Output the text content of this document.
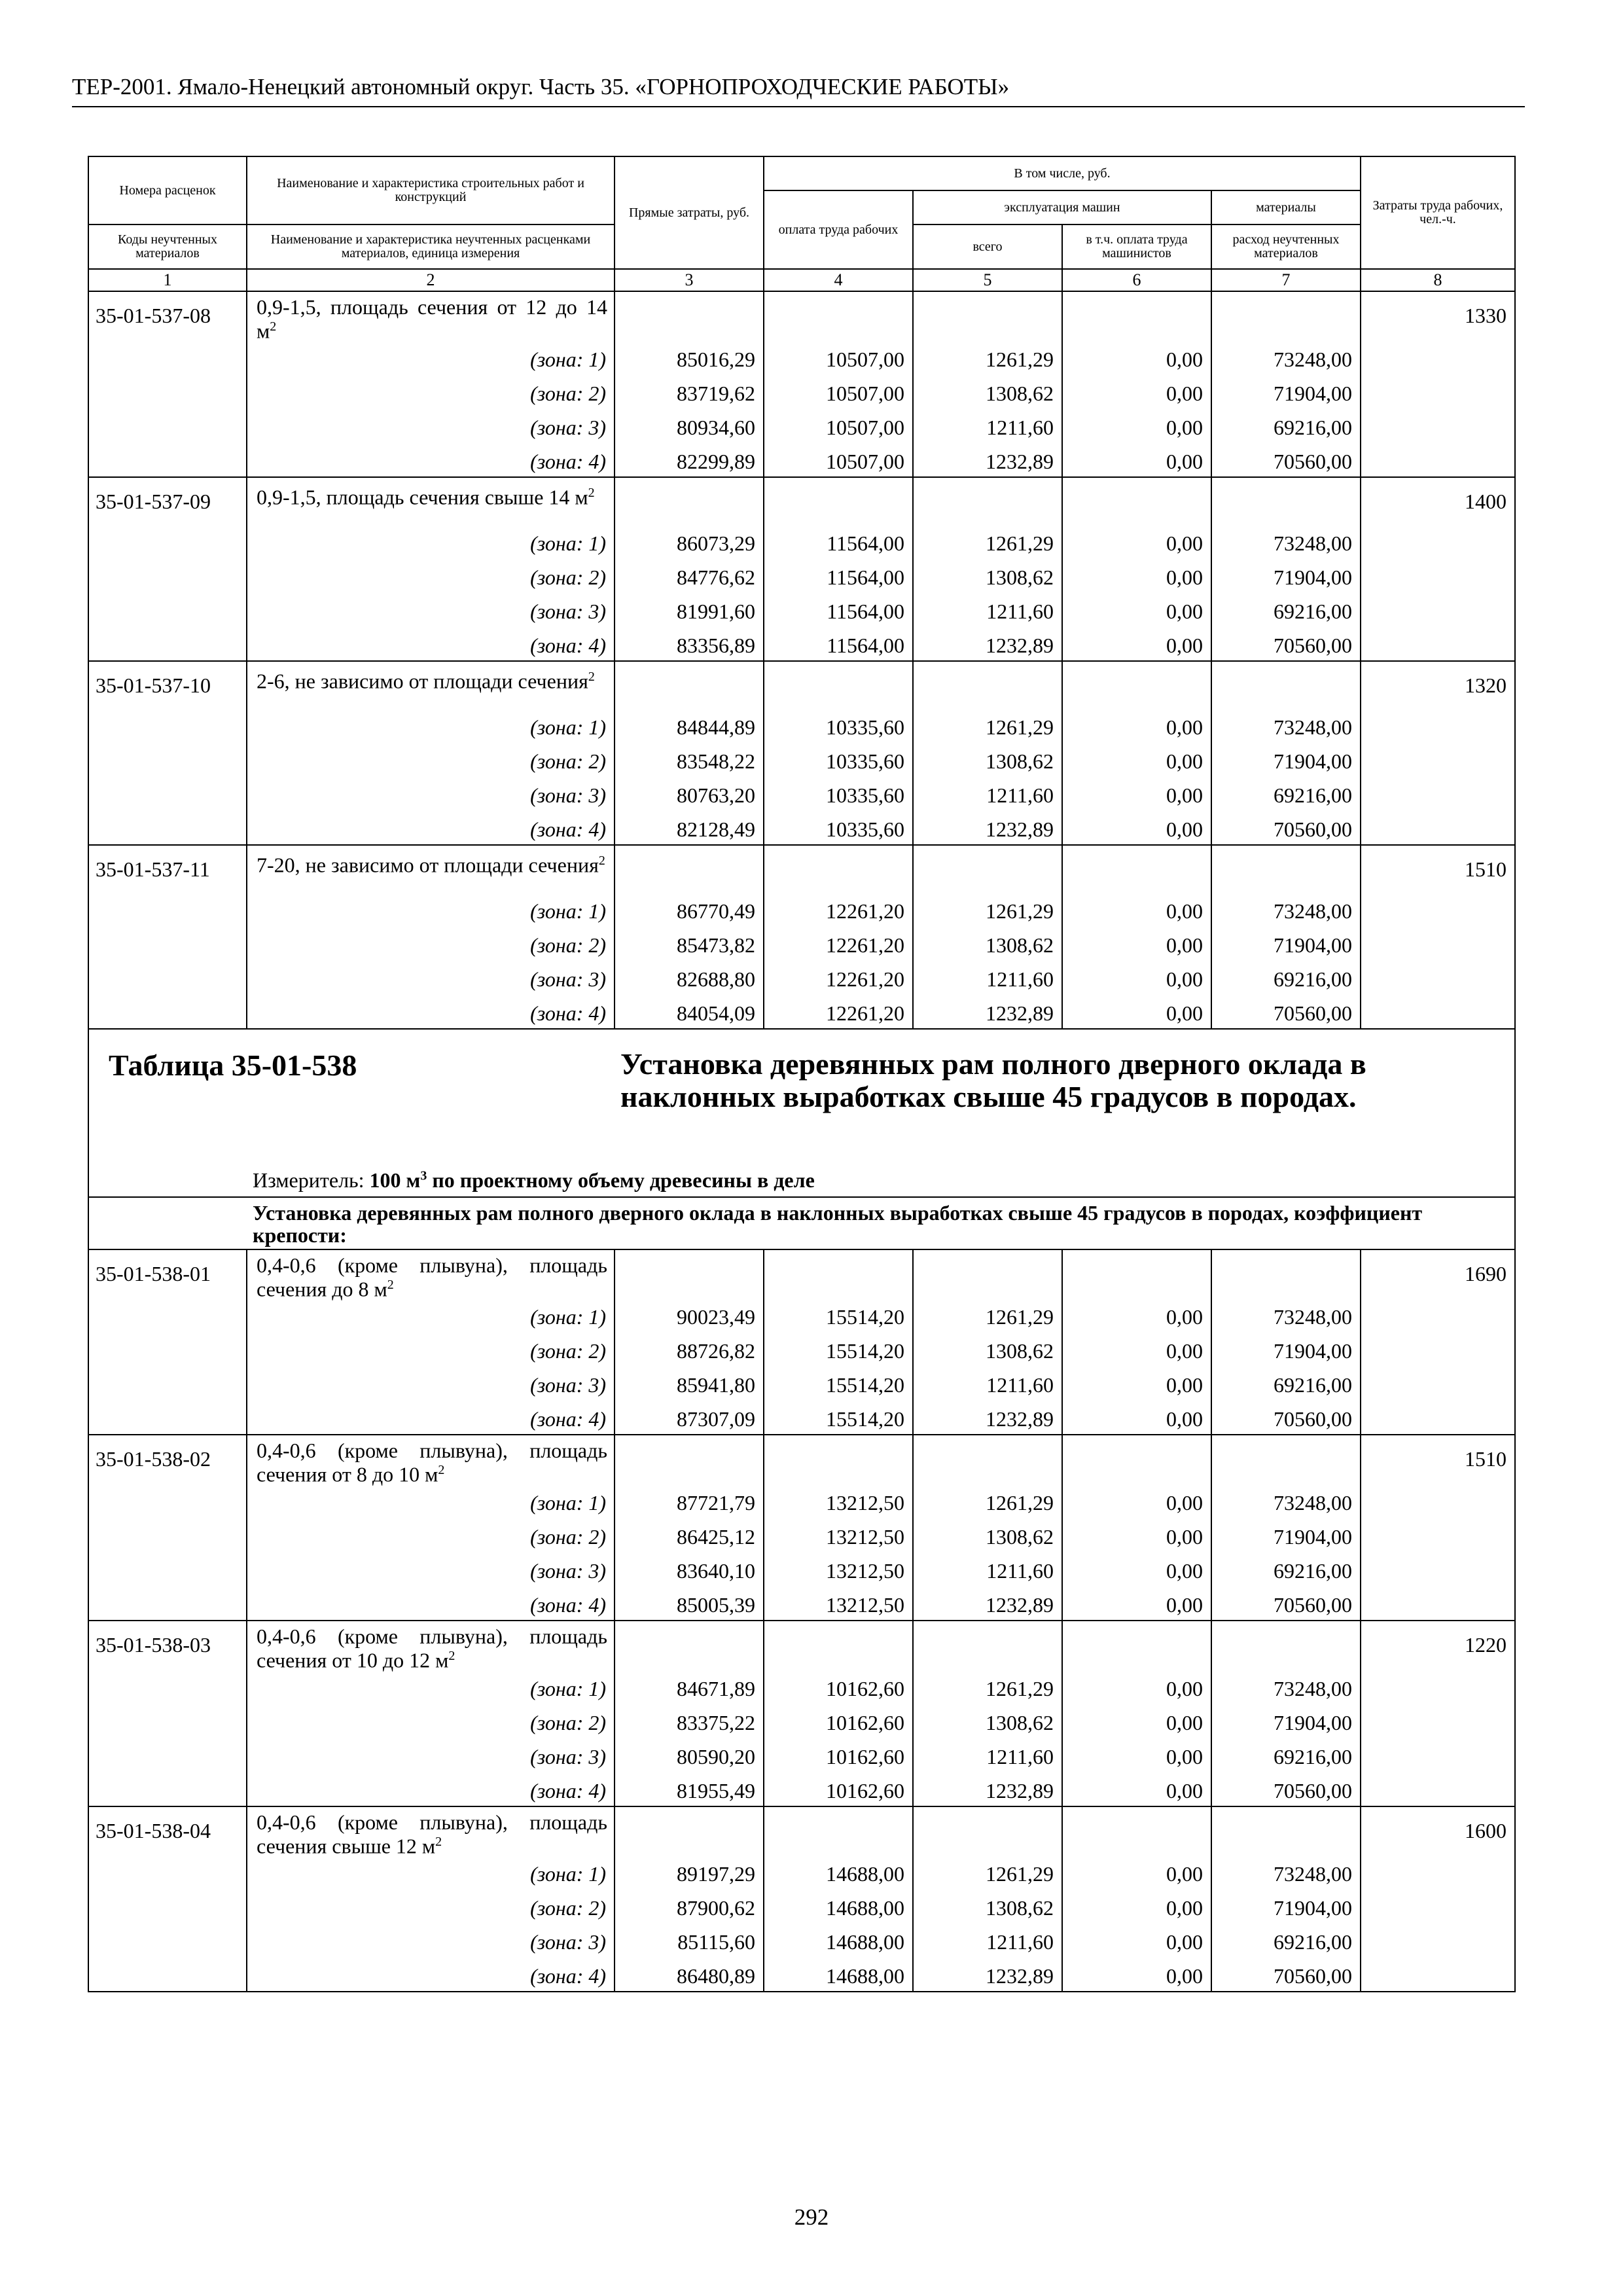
ТЕР-2001. Ямало-Ненецкий автономный округ. Часть 35. «ГОРНОПРОХОДЧЕСКИЕ РАБОТЫ»
Номера расценок	Наименование и характеристика строительных работ и конструкций	Прямые затраты, руб.	В том числе, руб.				Затраты труда рабочих, чел.-ч.
			оплата труда рабочих	эксплуатация машин		материалы	
Коды неучтенных материалов	Наименование и характеристика неучтенных расценками материалов, единица измерения			всего	в т.ч. оплата труда машинистов	расход неучтенных материалов	

1	2	3	4	5	6	7	8
35-01-537-08	0,9-1,5, площадь сечения от 12 до 14 $м^2$						1330
	(зона: 1)	85016,29	10507,00	1261,29	0,00	73248,00	
	(зона: 2)	83719,62	10507,00	1308,62	0,00	71904,00	
	(зона: 3)	80934,60	10507,00	1211,60	0,00	69216,00	
	(зона: 4)	82299,89	10507,00	1232,89	0,00	70560,00	
35-01-537-09	0,9-1,5, площадь сечения свыше 14 $м^2$						1400
	(зона: 1)	86073,29	11564,00	1261,29	0,00	73248,00	
	(зона: 2)	84776,62	11564,00	1308,62	0,00	71904,00	
	(зона: 3)	81991,60	11564,00	1211,60	0,00	69216,00	
	(зона: 4)	83356,89	11564,00	1232,89	0,00	70560,00	
35-01-537-10	2-6, не зависимо от площади сечения$^2$						1320
	(зона: 1)	84844,89	10335,60	1261,29	0,00	73248,00	
	(зона: 2)	83548,22	10335,60	1308,62	0,00	71904,00	
	(зона: 3)	80763,20	10335,60	1211,60	0,00	69216,00	
	(зона: 4)	82128,49	10335,60	1232,89	0,00	70560,00	
35-01-537-11	7-20, не зависимо от площади сечения$^2$						1510
	(зона: 1)	86770,49	12261,20	1261,29	0,00	73248,00	
	(зона: 2)	85473,82	12261,20	1308,62	0,00	71904,00	
	(зона: 3)	82688,80	12261,20	1211,60	0,00	69216,00	
	(зона: 4)	84054,09	12261,20	1232,89	0,00	70560,00	

Таблица 35-01-538 Установка деревянных рам полного дверного оклада в наклонных выработках свыше 45 градусов в породах.
Измеритель: 100 $м^3$ по проектному объему древесины в деле							

Установка деревянных рам полного дверного оклада в наклонных выработках свыше 45 градусов в породах, коэффициент крепости:							
35-01-538-01	0,4-0,6 (кроме плывуна), площадь сечения до 8 $м^2$						1690
	(зона: 1)	90023,49	15514,20	1261,29	0,00	73248,00	
	(зона: 2)	88726,82	15514,20	1308,62	0,00	71904,00	
	(зона: 3)	85941,80	15514,20	1211,60	0,00	69216,00	
	(зона: 4)	87307,09	15514,20	1232,89	0,00	70560,00	
35-01-538-02	0,4-0,6 (кроме плывуна), площадь сечения от 8 до 10 $м^2$						1510
	(зона: 1)	87721,79	13212,50	1261,29	0,00	73248,00	
	(зона: 2)	86425,12	13212,50	1308,62	0,00	71904,00	
	(зона: 3)	83640,10	13212,50	1211,60	0,00	69216,00	
	(зона: 4)	85005,39	13212,50	1232,89	0,00	70560,00	
35-01-538-03	0,4-0,6 (кроме плывуна), площадь сечения от 10 до 12 $м^2$						1220
	(зона: 1)	84671,89	10162,60	1261,29	0,00	73248,00	
	(зона: 2)	83375,22	10162,60	1308,62	0,00	71904,00	
	(зона: 3)	80590,20	10162,60	1211,60	0,00	69216,00	
	(зона: 4)	81955,49	10162,60	1232,89	0,00	70560,00	
35-01-538-04	0,4-0,6 (кроме плывуна), площадь сечения свыше 12 $м^2$						1600
	(зона: 1)	89197,29	14688,00	1261,29	0,00	73248,00	
	(зона: 2)	87900,62	14688,00	1308,62	0,00	71904,00	
	(зона: 3)	85115,60	14688,00	1211,60	0,00	69216,00	
	(зона: 4)	86480,89	14688,00	1232,89	0,00	70560,00	
292
